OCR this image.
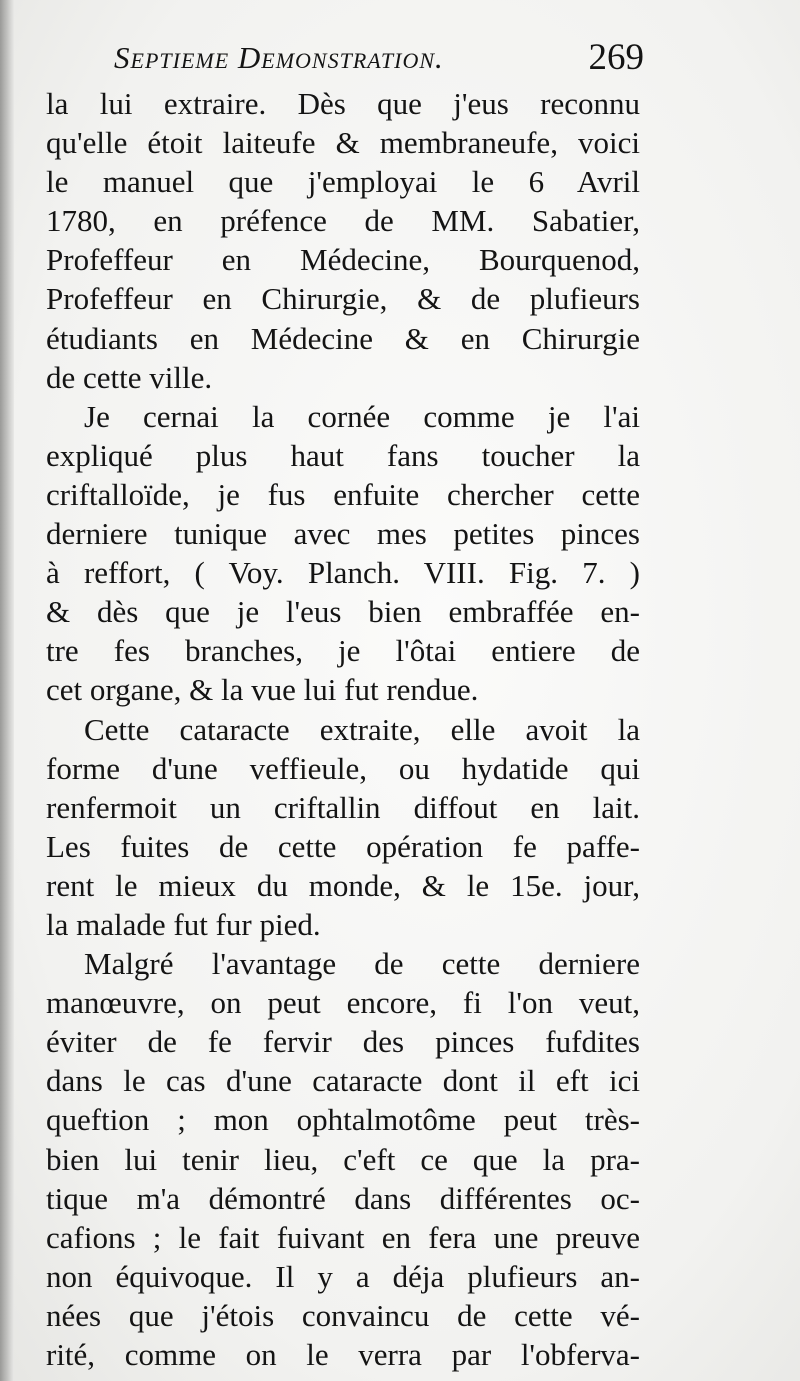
Septieme Demonstration.	269
la lui extraire. Dès que j'eus reconnu
qu'elle étoit laiteufe & membraneufe, voici
le manuel que j'employai le 6 Avril
1780, en préfence de MM. Sabatier,
Profeffeur en Médecine, Bourquenod,
Profeffeur en Chirurgie, & de plufieurs
étudiants en Médecine & en Chirurgie
de cette ville.
Je cernai la cornée comme je l'ai
expliqué plus haut fans toucher la
criftalloïde, je fus enfuite chercher cette
derniere tunique avec mes petites pinces
à reffort, ( Voy. Planch. VIII. Fig. 7. )
& dès que je l'eus bien embraffée en-
tre fes branches, je l'ôtai entiere de
cet organe, & la vue lui fut rendue.
Cette cataracte extraite, elle avoit la
forme d'une veffieule, ou hydatide qui
renfermoit un criftallin diffout en lait.
Les fuites de cette opération fe paffe-
rent le mieux du monde, & le 15e. jour,
la malade fut fur pied.
Malgré l'avantage de cette derniere
manœuvre, on peut encore, fi l'on veut,
éviter de fe fervir des pinces fufdites
dans le cas d'une cataracte dont il eft ici
queftion ; mon ophtalmotôme peut très-
bien lui tenir lieu, c'eft ce que la pra-
tique m'a démontré dans différentes oc-
cafions ; le fait fuivant en fera une preuve
non équivoque. Il y a déja plufieurs an-
nées que j'étois convaincu de cette vé-
rité, comme on le verra par l'obferva-
